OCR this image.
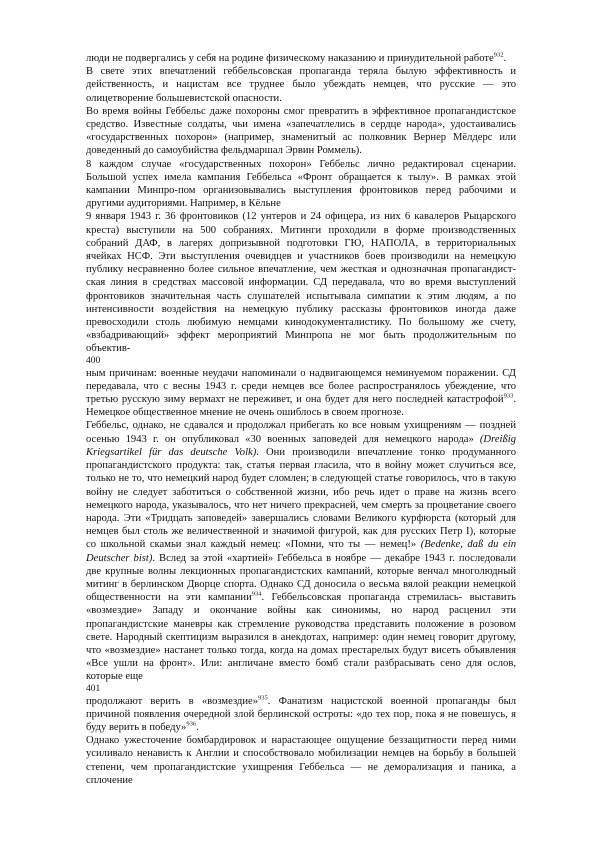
люди не подвергались у себя на родине физическому наказанию и принудительной работе$^{932}$.

В свете этих впечатлений геббельсовская пропаганда теряла былую эффективность и действенность, и нацистам все труднее было убеждать немцев, что русские — это олицетворение большевистской опасности.

Во время войны Геббельс даже похороны смог превратить в эффективное пропагандистское средство. Известные солдаты, чьи имена «запечатлелись в сердце народа», удостаивались «государственных похорон» (например, знаменитый ас полковник Вернер Мёлдерс или доведенный до самоубийства фельдмаршал Эрвин Роммель).

8 каждом случае «государственных похорон» Геббельс лично редактировал сценарии. Большой успех имела кампания Геббельса «Фронт обращается к тылу». В рамках этой кампании Минпро-пом организовывались выступления фронтовиков перед рабочими и другими аудиториями. Например, в Кёльне

9 января 1943 г. 36 фронтовиков (12 унтеров и 24 офицера, из них 6 кавалеров Рыцарского креста) выступили на 500 собраниях. Митинги проходили в форме производственных собраний ДАФ, в лагерях допризывной подготовки ГЮ, НАПОЛА, в территориальных ячейках НСФ. Эти выступления очевидцев и участников боев производили на немецкую публику несравненно более сильное впечатление, чем жесткая и однозначная пропагандист-ская линия в средствах массовой информации. СД передавала, что во время выступлений фронтовиков значительная часть слушателей испытывала симпатии к этим людям, а по интенсивности воздействия на немецкую публику рассказы фронтовиков иногда даже превосходили столь любимую немцами кинодокументалистику. По большому же счету, «взбадривающий» эффект мероприятий Минпропа не мог быть продолжительным по объектив-

400

ным причинам: военные неудачи напоминали о надвигающемся неминуемом поражении. СД передавала, что с весны 1943 г. среди немцев все более распространялось убеждение, что третью русскую зиму вермахт не переживет, и она будет для него последней катастрофой$^{933}$. Немецкое общественное мнение не очень ошиблось в своем прогнозе.

Геббельс, однако, не сдавался и продолжал прибегать ко все новым ухищрениям — поздней осенью 1943 г. он опубликовал «30 военных заповедей для немецкого народа» (Dreißig Kriegsartikel für das deutsche Volk). Они производили впечатление тонко продуманного пропагандистского продукта: так, статья первая гласила, что в войну может случиться все, только не то, что немецкий народ будет сломлен; в следующей статье говорилось, что в такую войну не следует заботиться о собственной жизни, ибо речь идет о праве на жизнь всего немецкого народа, указывалось, что нет ничего прекрасней, чем смерть за процветание своего народа. Эти «Тридцать заповедей» завершались словами Великого курфюрста (который для немцев был столь же величественной и значимой фигурой, как для русских Петр I), которые со школьной скамьи знал каждый немец: «Помни, что ты — немец!» (Bedenke, daß du ein Deutscher bist). Вслед за этой «хартией» Геббельса в ноябре — декабре 1943 г. последовали две крупные волны лекционных пропагандистских кампаний, которые венчал многолюдный митинг в берлинском Дворце спорта. Однако СД доносила о весьма вялой реакции немецкой общественности на эти кампании$^{934}$. Геббельсовская пропаганда стремилась- выставить «возмездие» Западу и окончание войны как синонимы, но народ расценил эти пропагандистские маневры как стремление руководства представить положение в розовом свете. Народный скептицизм выразился в анекдотах, например: один немец говорит другому, что «возмездие» настанет только тогда, когда на домах престарелых будут висеть объявления «Все ушли на фронт». Или: англичане вместо бомб стали разбрасывать сено для ослов, которые еще

401

продолжают верить в «возмездие»$^{935}$. Фанатизм нацистской военной пропаганды был причиной появления очередной злой берлинской остроты: «до тех пор, пока я не повешусь, я буду верить в победу»$^{936}$.

Однако ужесточение бомбардировок и нарастающее ощущение беззащитности перед ними усиливало ненависть к Англии и способствовало мобилизации немцев на борьбу в большей степени, чем пропагандистские ухищрения Геббельса — не деморализация и паника, а сплочение
